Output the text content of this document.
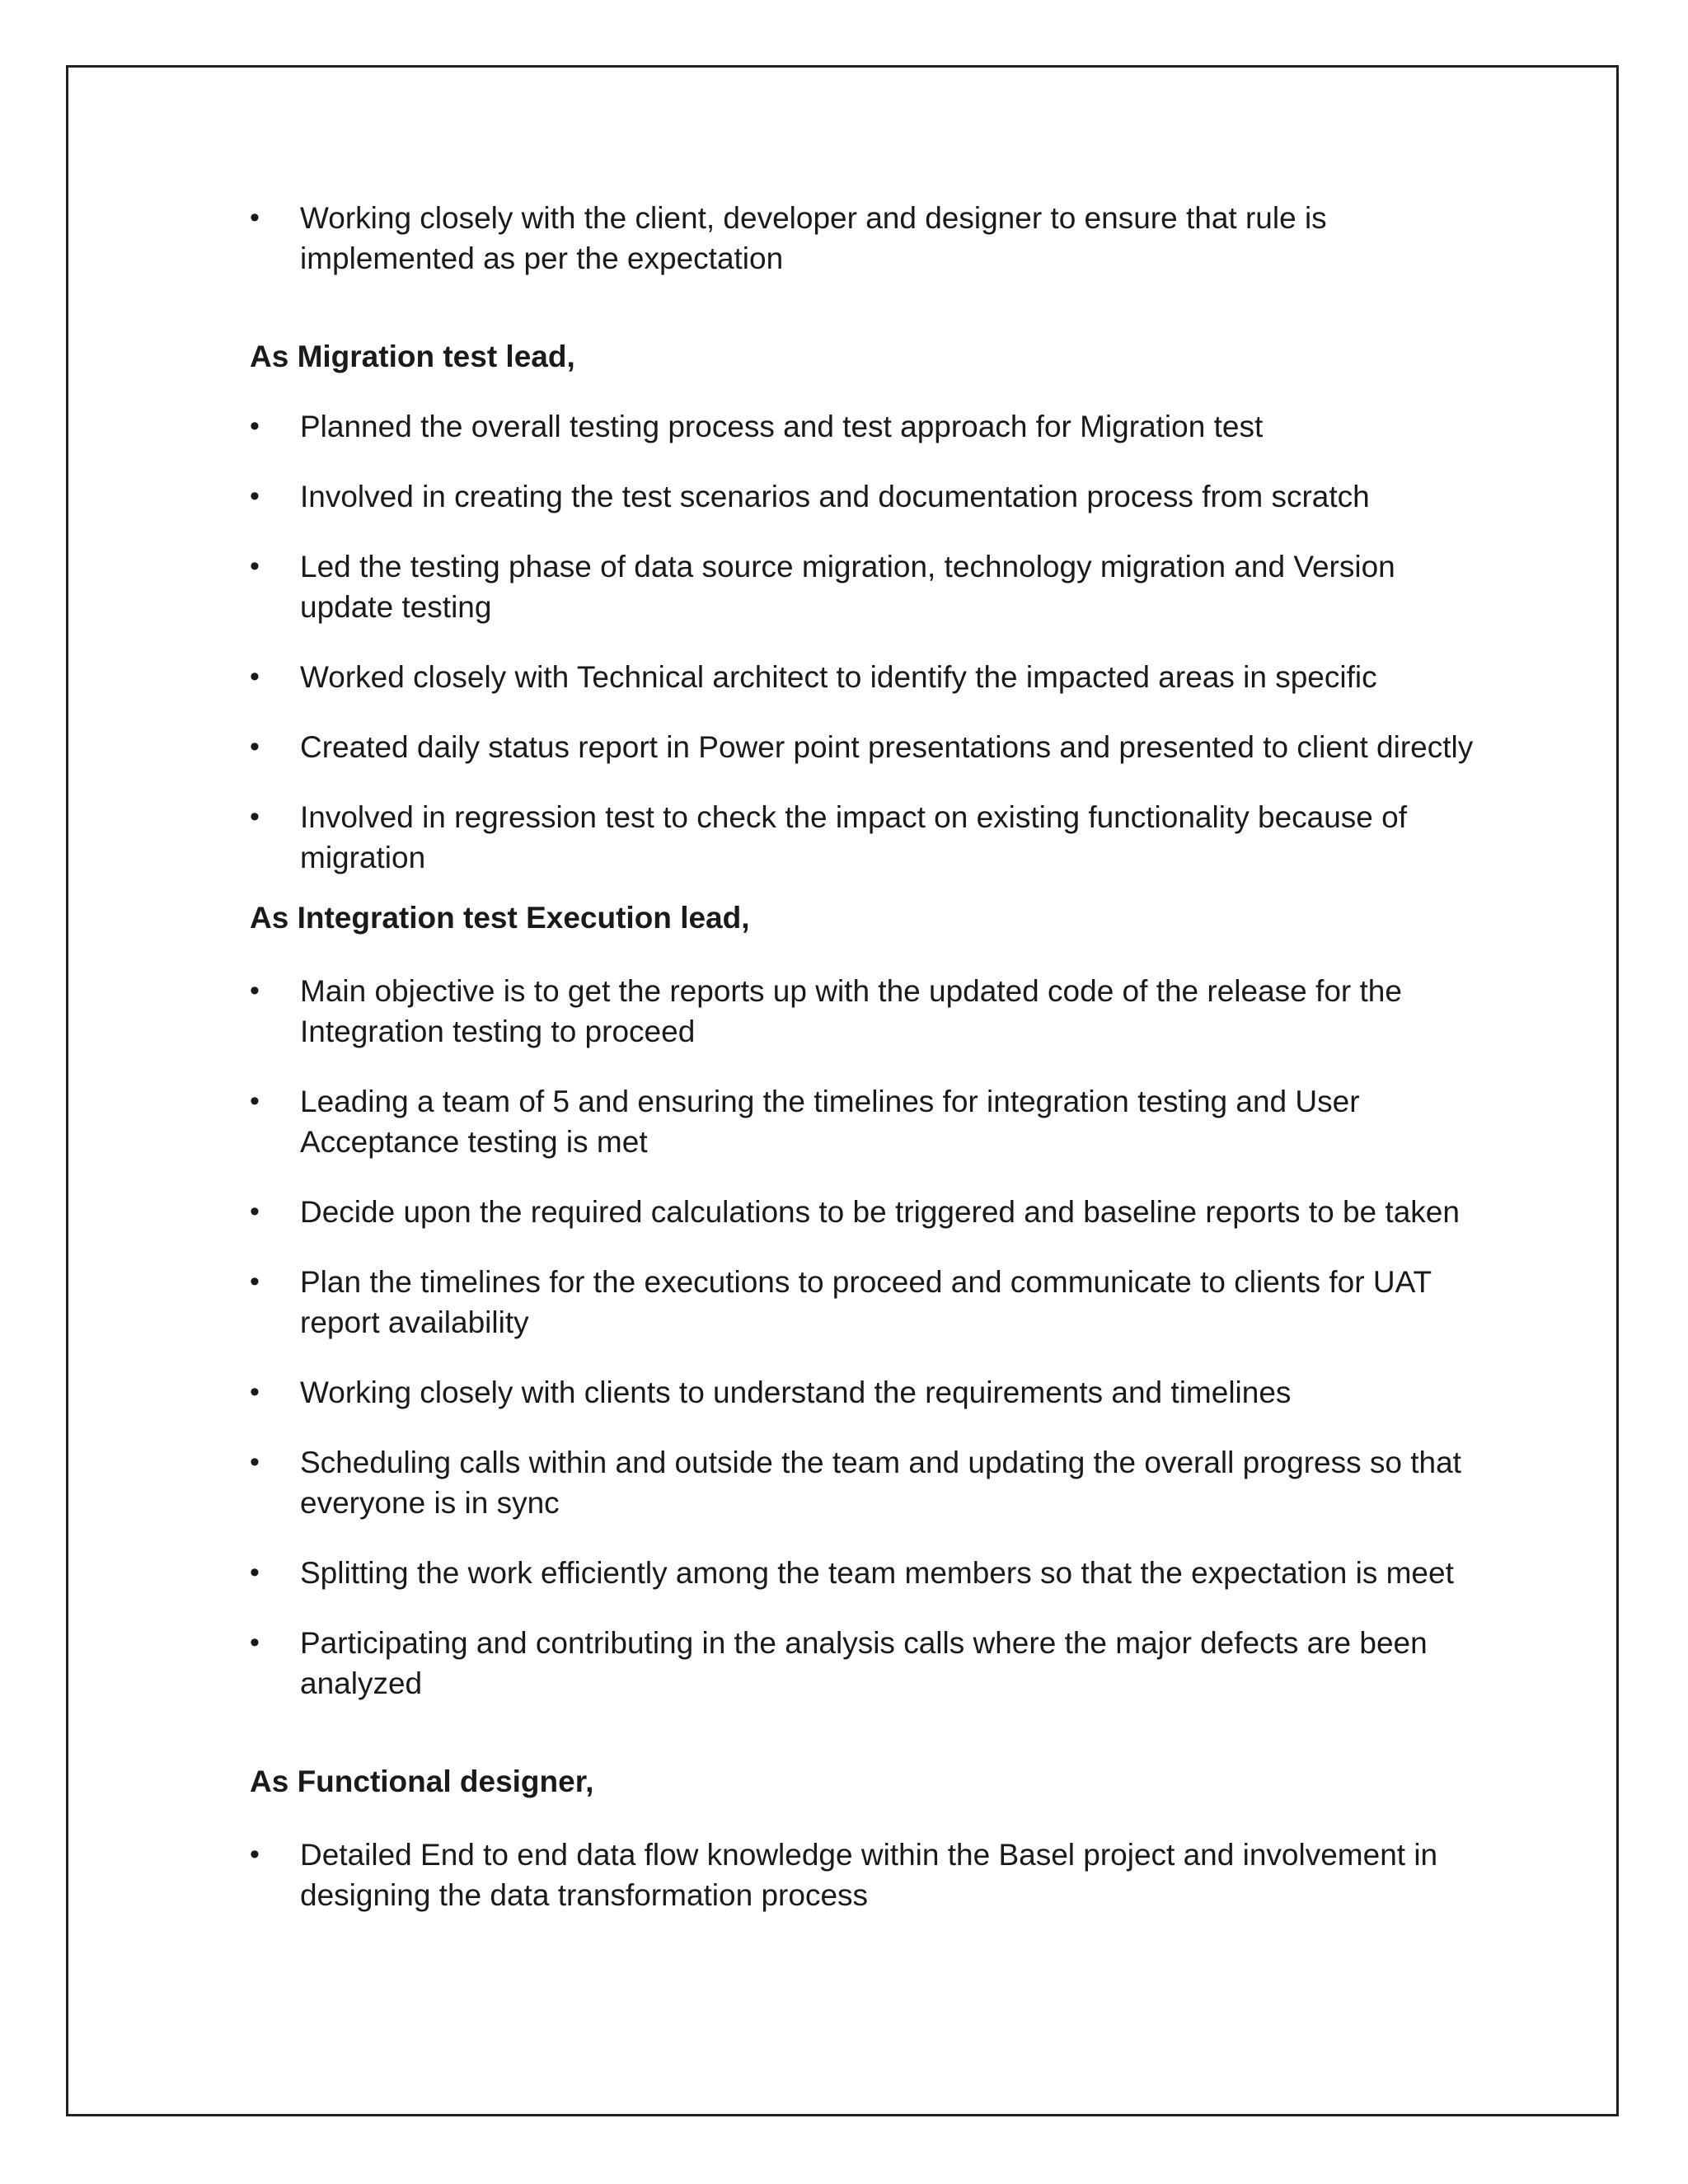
•	Working closely with the client, developer and designer to ensure that rule is implemented as per the expectation
As Migration test lead,
•	Planned the overall testing process and test approach for Migration test
•	Involved in creating the test scenarios and documentation process from scratch
•	Led the testing phase of data source migration, technology migration and Version update testing
•	Worked closely with Technical architect to identify the impacted areas in specific
•	Created daily status report in Power point presentations and presented to client directly
•	Involved in regression test to check the impact on existing functionality because of migration
As Integration test Execution lead,
•	Main objective is to get the reports up with the updated code of the release for the Integration testing to proceed
•	Leading a team of 5 and ensuring the timelines for integration testing and User Acceptance testing is met
•	Decide upon the required calculations to be triggered and baseline reports to be taken
•	Plan the timelines for the executions to proceed and communicate to clients for UAT report availability
•	Working closely with clients to understand the requirements and timelines
•	Scheduling calls within and outside the team and updating the overall progress so that everyone is in sync
•	Splitting the work efficiently among the team members so that the expectation is meet
•	Participating and contributing in the analysis calls where the major defects are been analyzed
As Functional designer,
•	Detailed End to end data flow knowledge within the Basel project and involvement in designing the data transformation process
